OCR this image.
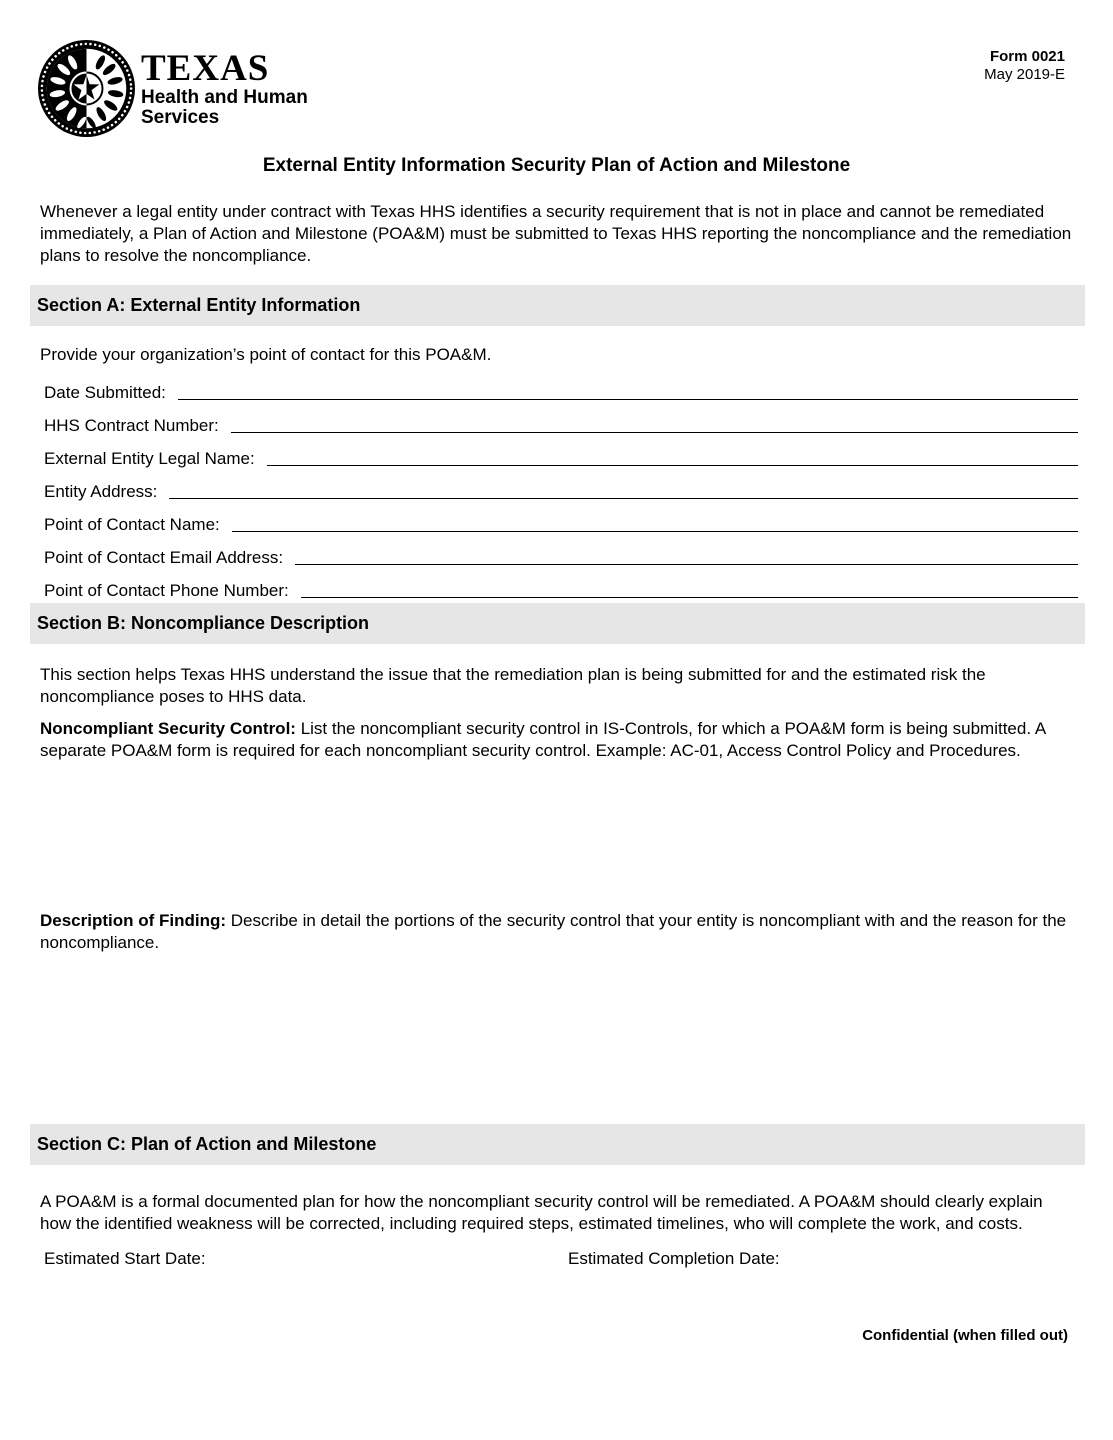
TEXAS
Health and Human
Services
Form 0021
May 2019-E
External Entity Information Security Plan of Action and Milestone

Whenever a legal entity under contract with Texas HHS identifies a security requirement that is not in place and cannot be remediated immediately, a Plan of Action and Milestone (POA&M) must be submitted to Texas HHS reporting the noncompliance and the remediation plans to resolve the noncompliance.

Section A: External Entity Information

Provide your organization’s point of contact for this POA&M.

Date Submitted:
HHS Contract Number:
External Entity Legal Name:
Entity Address:
Point of Contact Name:
Point of Contact Email Address:
Point of Contact Phone Number:
Section B: Noncompliance Description

This section helps Texas HHS understand the issue that the remediation plan is being submitted for and the estimated risk the noncompliance poses to HHS data.

Noncompliant Security Control: List the noncompliant security control in IS-Controls, for which a POA&M form is being submitted. A separate POA&M form is required for each noncompliant security control. Example: AC-01, Access Control Policy and Procedures.

Description of Finding: Describe in detail the portions of the security control that your entity is noncompliant with and the reason for the noncompliance.

Section C: Plan of Action and Milestone

A POA&M is a formal documented plan for how the noncompliant security control will be remediated. A POA&M should clearly explain how the identified weakness will be corrected, including required steps, estimated timelines, who will complete the work, and costs.

Estimated Start Date:	Estimated Completion Date:
Confidential (when filled out)
